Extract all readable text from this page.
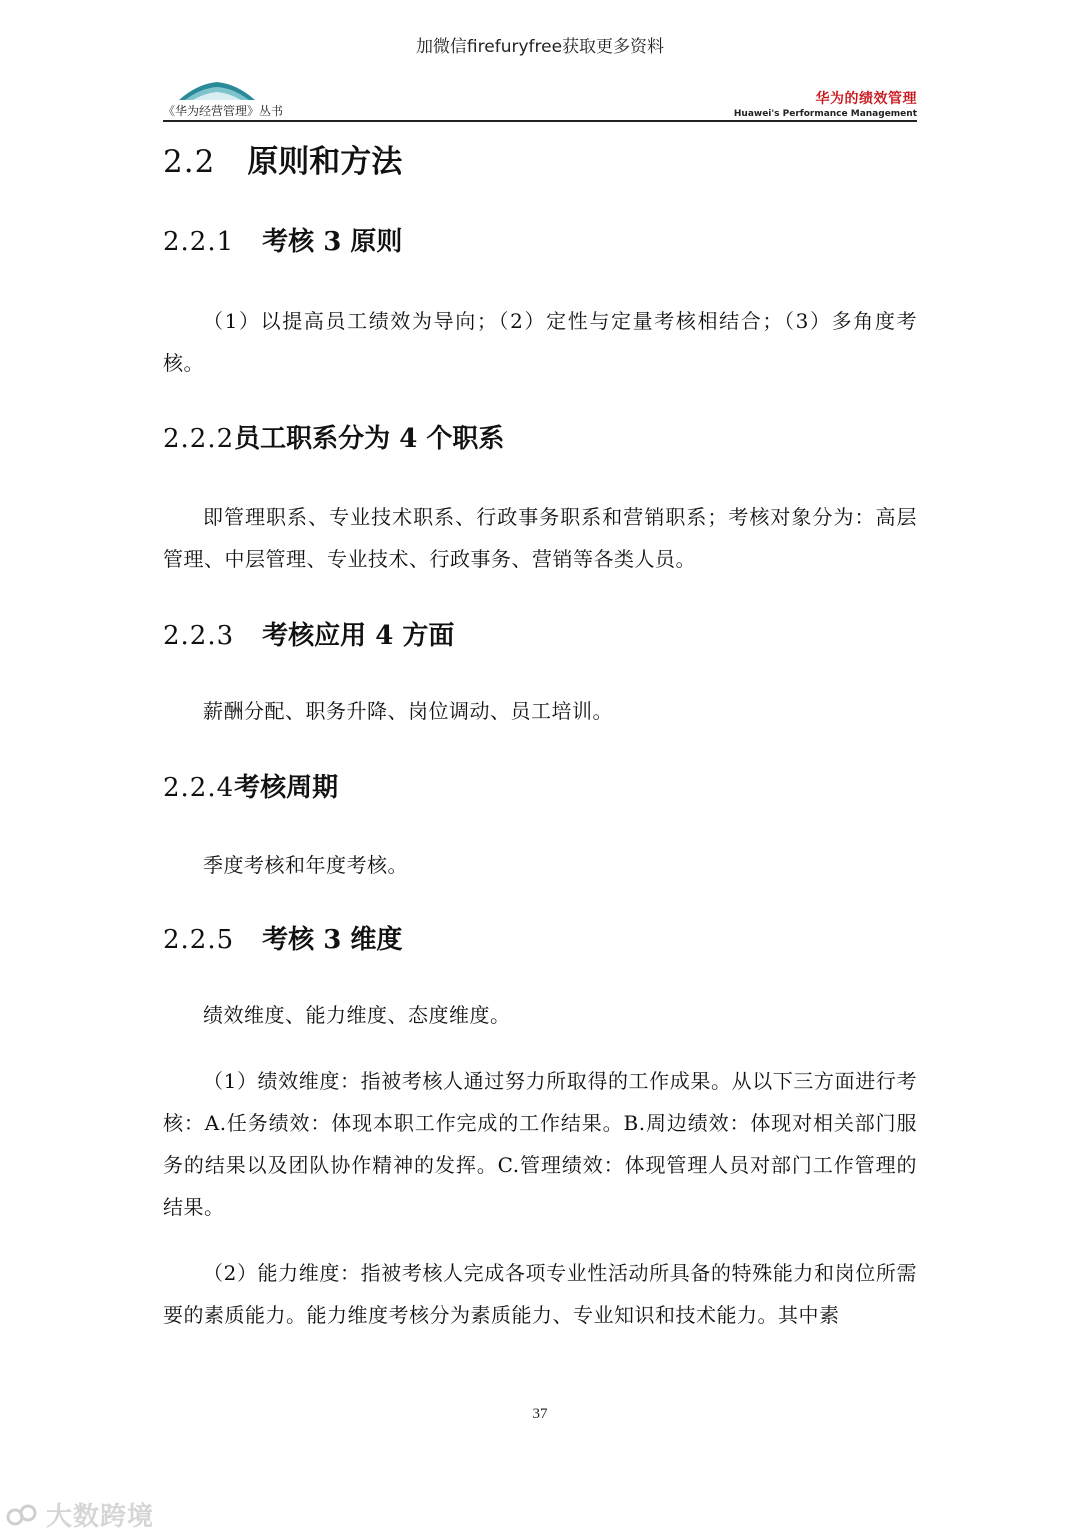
加微信firefuryfree获取更多资料
《华为经营管理》丛书
华为的绩效管理
Huawei's Performance Management
2.2 原则和方法
2.2.1 考核 3 原则

（1）以提高员工绩效为导向；（2）定性与定量考核相结合；（3）多角度考核。

2.2.2员工职系分为 4 个职系

即管理职系、专业技术职系、行政事务职系和营销职系；考核对象分为：高层管理、中层管理、专业技术、行政事务、营销等各类人员。

2.2.3 考核应用 4 方面

薪酬分配、职务升降、岗位调动、员工培训。

2.2.4考核周期

季度考核和年度考核。

2.2.5 考核 3 维度

绩效维度、能力维度、态度维度。

（1）绩效维度：指被考核人通过努力所取得的工作成果。从以下三方面进行考核：A.任务绩效：体现本职工作完成的工作结果。B.周边绩效：体现对相关部门服务的结果以及团队协作精神的发挥。C.管理绩效：体现管理人员对部门工作管理的结果。

（2）能力维度：指被考核人完成各项专业性活动所具备的特殊能力和岗位所需要的素质能力。能力维度考核分为素质能力、专业知识和技术能力。其中素

37
大数跨境
